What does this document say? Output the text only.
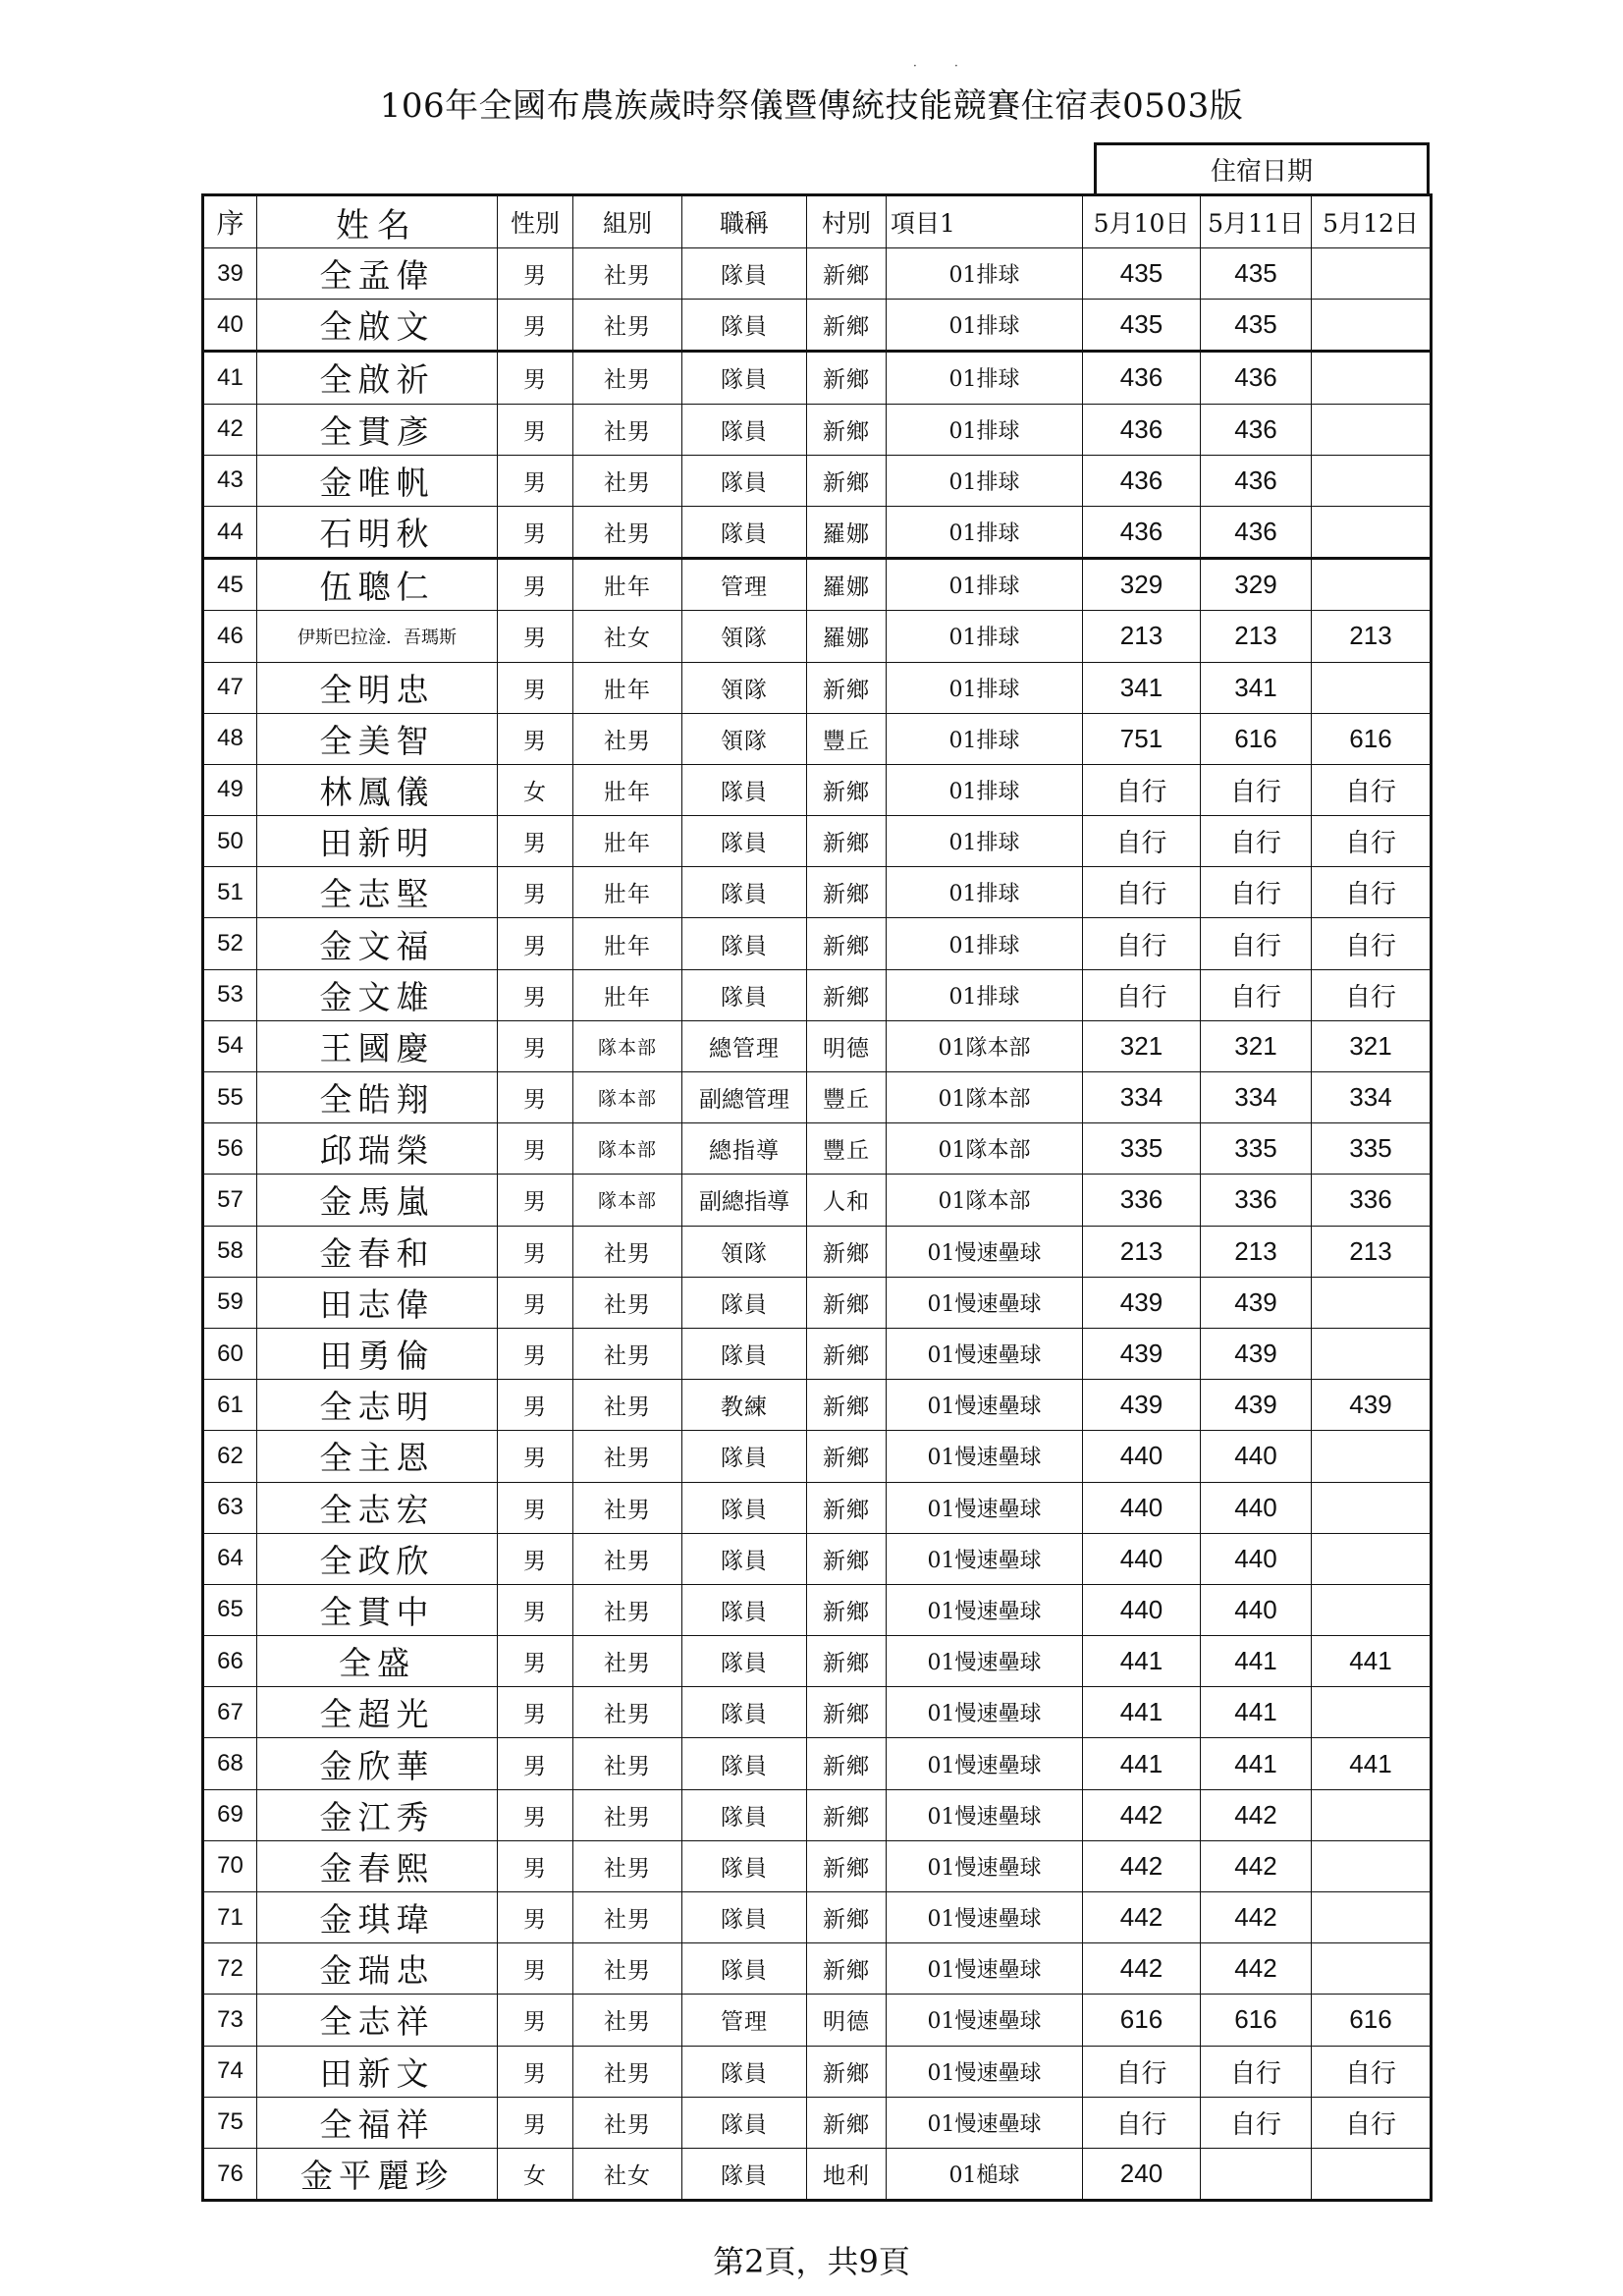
·          ·
106年全國布農族歲時祭儀暨傳統技能競賽住宿表0503版
住宿日期
序	姓名	性別	組別	職稱	村別	項目1	5月10日	5月11日	5月12日
39	全孟偉	男	社男	隊員	新鄉	01排球	435	435	
40	全啟文	男	社男	隊員	新鄉	01排球	435	435	
41	全啟祈	男	社男	隊員	新鄉	01排球	436	436	
42	全貫彥	男	社男	隊員	新鄉	01排球	436	436	
43	金唯帆	男	社男	隊員	新鄉	01排球	436	436	
44	石明秋	男	社男	隊員	羅娜	01排球	436	436	
45	伍聰仁	男	壯年	管理	羅娜	01排球	329	329	
46	伊斯巴拉淦．吾瑪斯	男	社女	領隊	羅娜	01排球	213	213	213
47	全明忠	男	壯年	領隊	新鄉	01排球	341	341	
48	全美智	男	社男	領隊	豐丘	01排球	751	616	616
49	林鳳儀	女	壯年	隊員	新鄉	01排球	自行	自行	自行
50	田新明	男	壯年	隊員	新鄉	01排球	自行	自行	自行
51	全志堅	男	壯年	隊員	新鄉	01排球	自行	自行	自行
52	金文福	男	壯年	隊員	新鄉	01排球	自行	自行	自行
53	金文雄	男	壯年	隊員	新鄉	01排球	自行	自行	自行
54	王國慶	男	隊本部	總管理	明德	01隊本部	321	321	321
55	全皓翔	男	隊本部	副總管理	豐丘	01隊本部	334	334	334
56	邱瑞榮	男	隊本部	總指導	豐丘	01隊本部	335	335	335
57	金馬嵐	男	隊本部	副總指導	人和	01隊本部	336	336	336
58	金春和	男	社男	領隊	新鄉	01慢速壘球	213	213	213
59	田志偉	男	社男	隊員	新鄉	01慢速壘球	439	439	
60	田勇倫	男	社男	隊員	新鄉	01慢速壘球	439	439	
61	全志明	男	社男	教練	新鄉	01慢速壘球	439	439	439
62	全主恩	男	社男	隊員	新鄉	01慢速壘球	440	440	
63	全志宏	男	社男	隊員	新鄉	01慢速壘球	440	440	
64	全政欣	男	社男	隊員	新鄉	01慢速壘球	440	440	
65	全貫中	男	社男	隊員	新鄉	01慢速壘球	440	440	
66	全盛	男	社男	隊員	新鄉	01慢速壘球	441	441	441
67	全超光	男	社男	隊員	新鄉	01慢速壘球	441	441	
68	金欣華	男	社男	隊員	新鄉	01慢速壘球	441	441	441
69	金江秀	男	社男	隊員	新鄉	01慢速壘球	442	442	
70	金春熙	男	社男	隊員	新鄉	01慢速壘球	442	442	
71	金琪瑋	男	社男	隊員	新鄉	01慢速壘球	442	442	
72	金瑞忠	男	社男	隊員	新鄉	01慢速壘球	442	442	
73	全志祥	男	社男	管理	明德	01慢速壘球	616	616	616
74	田新文	男	社男	隊員	新鄉	01慢速壘球	自行	自行	自行
75	全福祥	男	社男	隊員	新鄉	01慢速壘球	自行	自行	自行
76	金平麗珍	女	社女	隊員	地利	01槌球	240		
第2頁，共9頁
